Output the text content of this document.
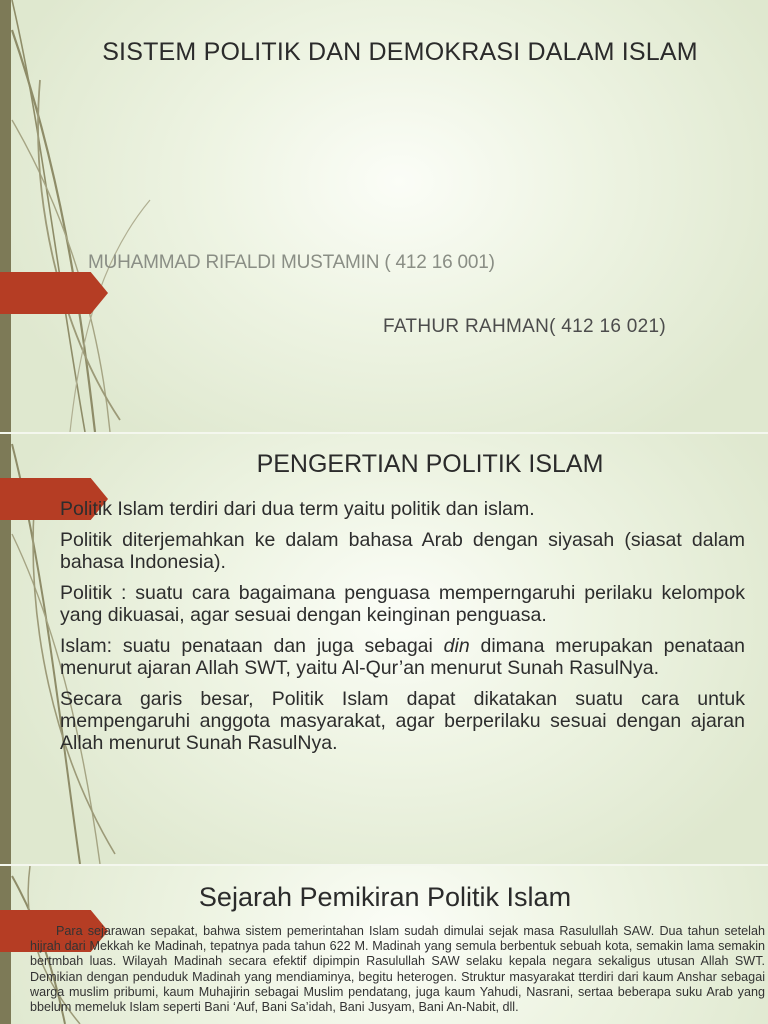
SISTEM POLITIK DAN DEMOKRASI DALAM ISLAM
MUHAMMAD RIFALDI MUSTAMIN ( 412 16 001)
FATHUR RAHMAN( 412 16 021)
PENGERTIAN POLITIK ISLAM

Politik Islam terdiri dari dua term yaitu politik dan islam.

Politik diterjemahkan ke dalam bahasa Arab dengan siyasah (siasat dalam bahasa Indonesia).

Politik : suatu cara bagaimana penguasa memperngaruhi perilaku kelompok yang dikuasai, agar sesuai dengan keinginan penguasa.

Islam: suatu penataan dan juga sebagai din dimana merupakan penataan menurut ajaran Allah SWT, yaitu Al-Qur’an menurut Sunah RasulNya.

Secara garis besar, Politik Islam dapat dikatakan suatu cara untuk mempengaruhi anggota masyarakat, agar berperilaku sesuai dengan ajaran Allah menurut Sunah RasulNya.

Sejarah Pemikiran Politik Islam

Para sejarawan sepakat, bahwa sistem pemerintahan Islam sudah dimulai sejak masa Rasulullah SAW. Dua tahun setelah hijrah dari Mekkah ke Madinah, tepatnya pada tahun 622 M. Madinah yang semula berbentuk sebuah kota, semakin lama semakin bertmbah luas. Wilayah Madinah secara efektif dipimpin Rasulullah SAW selaku kepala negara sekaligus utusan Allah SWT. Demikian dengan penduduk Madinah yang mendiaminya, begitu heterogen. Struktur masyarakat tterdiri dari kaum Anshar sebagai warga muslim pribumi, kaum Muhajirin sebagai Muslim pendatang, juga kaum Yahudi, Nasrani, sertaa beberapa suku Arab yang bbelum memeluk Islam seperti Bani ‘Auf, Bani Sa’idah, Bani Jusyam, Bani An-Nabit, dll.
